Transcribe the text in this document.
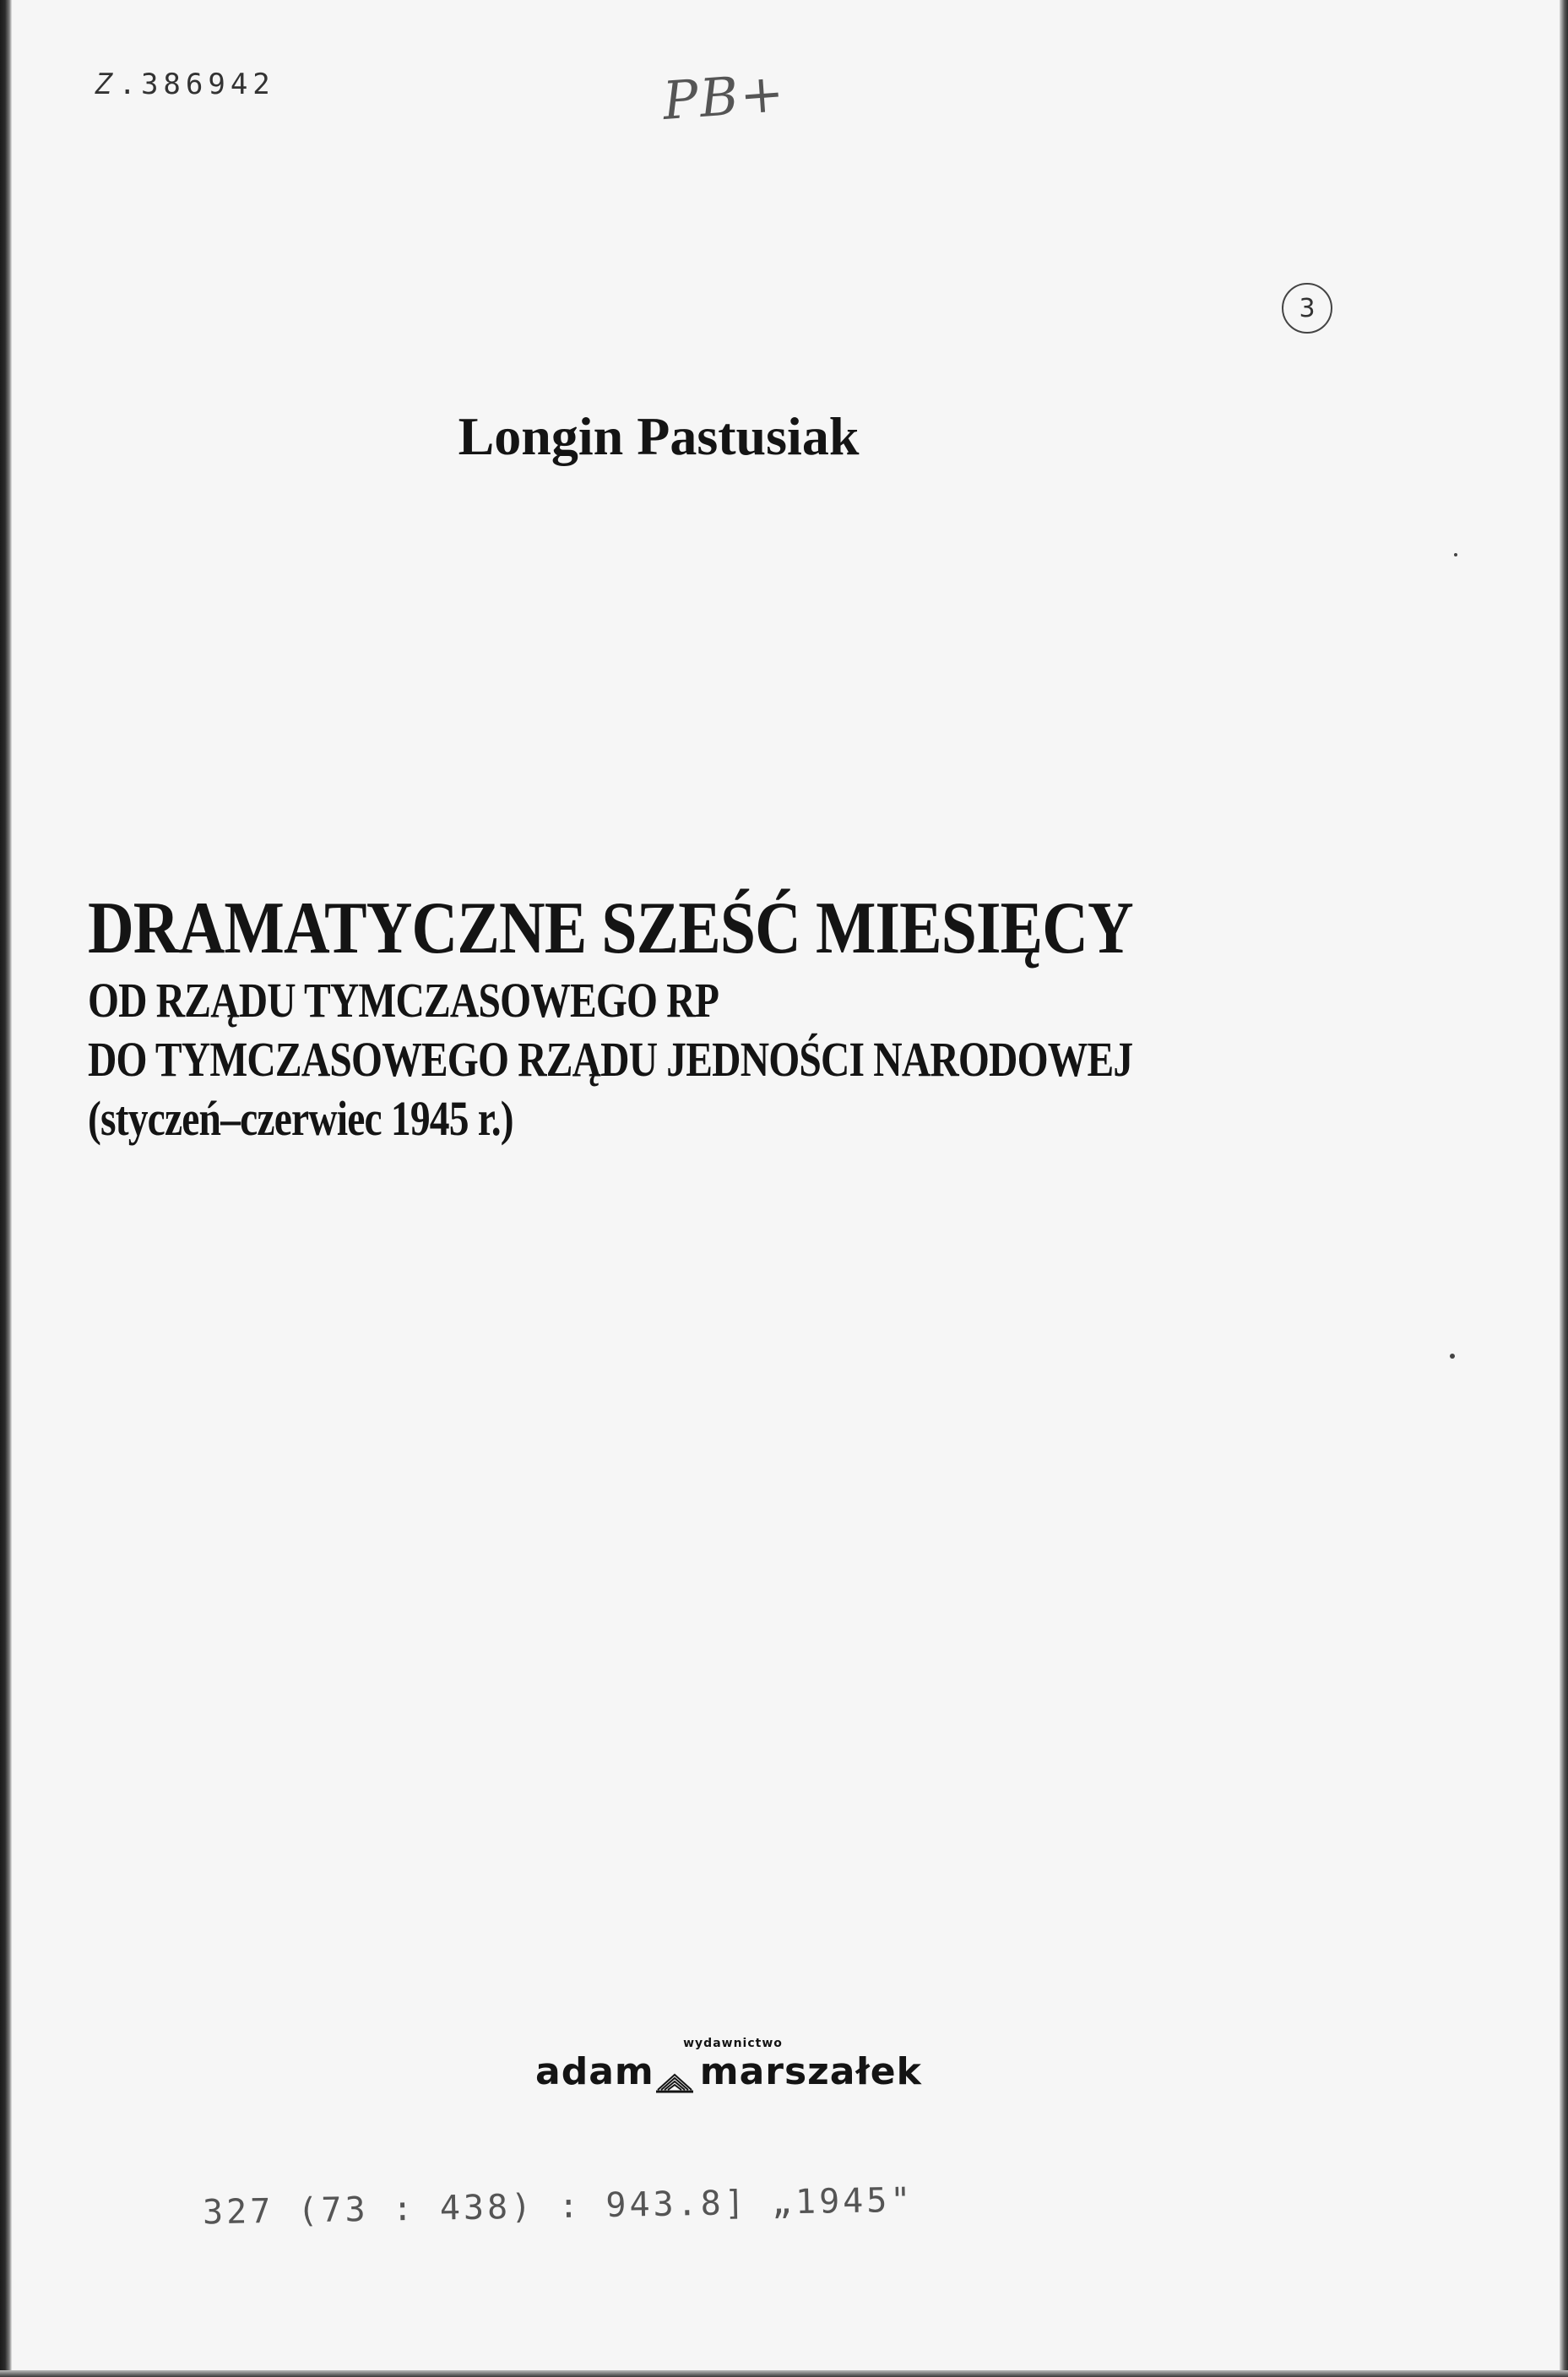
Z.386942	PB+
3
Longin Pastusiak
DRAMATYCZNE SZEŚĆ MIESIĘCY
OD RZĄDU TYMCZASOWEGO RP
DO TYMCZASOWEGO RZĄDU JEDNOŚCI NARODOWEJ
(styczeń–czerwiec 1945 r.)
wydawnictwo
adam marszałek
327 (73 : 438) : 943.8] „1945"
